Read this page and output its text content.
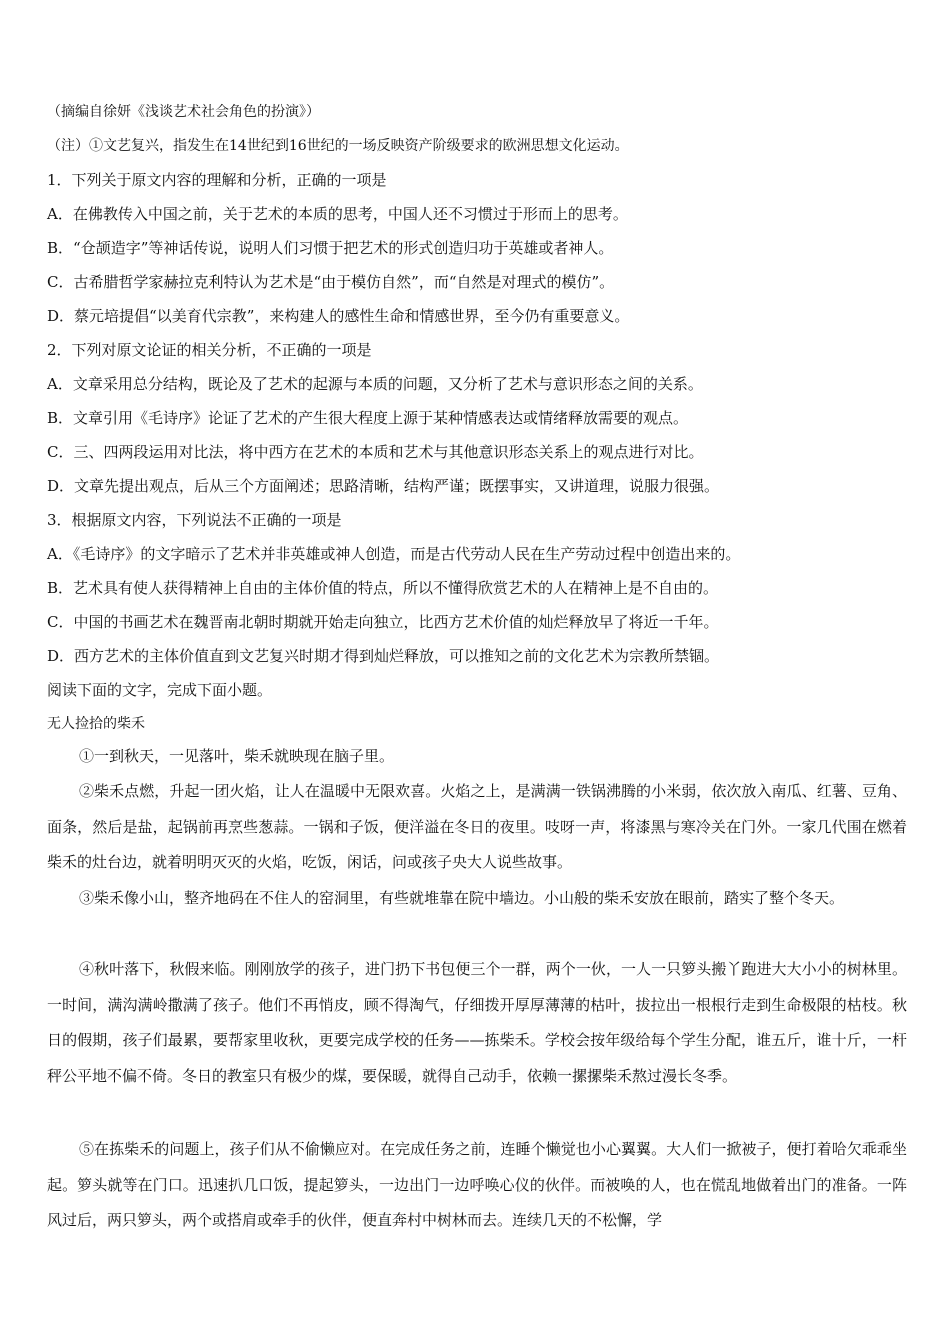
（摘编自徐妍《浅谈艺术社会角色的扮演》）
（注）①文艺复兴，指发生在14世纪到16世纪的一场反映资产阶级要求的欧洲思想文化运动。
1．下列关于原文内容的理解和分析，正确的一项是
A．在佛教传入中国之前，关于艺术的本质的思考，中国人还不习惯过于形而上的思考。
B．“仓颉造字”等神话传说，说明人们习惯于把艺术的形式创造归功于英雄或者神人。
C．古希腊哲学家赫拉克利特认为艺术是“由于模仿自然”，而“自然是对理式的模仿”。
D．蔡元培提倡“以美育代宗教”，来构建人的感性生命和情感世界，至今仍有重要意义。
2．下列对原文论证的相关分析，不正确的一项是
A．文章采用总分结构，既论及了艺术的起源与本质的问题，又分析了艺术与意识形态之间的关系。
B．文章引用《毛诗序》论证了艺术的产生很大程度上源于某种情感表达或情绪释放需要的观点。
C．三、四两段运用对比法，将中西方在艺术的本质和艺术与其他意识形态关系上的观点进行对比。
D．文章先提出观点，后从三个方面阐述；思路清晰，结构严谨；既摆事实，又讲道理，说服力很强。
3．根据原文内容，下列说法不正确的一项是
A．《毛诗序》的文字暗示了艺术并非英雄或神人创造，而是古代劳动人民在生产劳动过程中创造出来的。
B．艺术具有使人获得精神上自由的主体价值的特点，所以不懂得欣赏艺术的人在精神上是不自由的。
C．中国的书画艺术在魏晋南北朝时期就开始走向独立，比西方艺术价值的灿烂释放早了将近一千年。
D．西方艺术的主体价值直到文艺复兴时期才得到灿烂释放，可以推知之前的文化艺术为宗教所禁锢。
阅读下面的文字，完成下面小题。
无人捡拾的柴禾

①一到秋天，一见落叶，柴禾就映现在脑子里。

②柴禾点燃，升起一团火焰，让人在温暖中无限欢喜。火焰之上，是满满一铁锅沸腾的小米弱，依次放入南瓜、红薯、豆角、面条，然后是盐，起锅前再烹些葱蒜。一锅和子饭，便洋溢在冬日的夜里。吱呀一声，将漆黑与寒冷关在门外。一家几代围在燃着柴禾的灶台边，就着明明灭灭的火焰，吃饭，闲话，问或孩子央大人说些故事。

③柴禾像小山，整齐地码在不住人的窑洞里，有些就堆靠在院中墙边。小山般的柴禾安放在眼前，踏实了整个冬天。

④秋叶落下，秋假来临。刚刚放学的孩子，进门扔下书包便三个一群，两个一伙，一人一只箩头搬丫跑进大大小小的树林里。一时间，满沟满岭撒满了孩子。他们不再悄皮，顾不得淘气，仔细拨开厚厚薄薄的枯叶，拔拉出一根根行走到生命极限的枯枝。秋日的假期，孩子们最累，要帮家里收秋，更要完成学校的任务——拣柴禾。学校会按年级给每个学生分配，谁五斤，谁十斤，一杆秤公平地不偏不倚。冬日的教室只有极少的煤，要保暖，就得自己动手，依赖一摞摞柴禾熬过漫长冬季。

⑤在拣柴禾的问题上，孩子们从不偷懒应对。在完成任务之前，连睡个懒觉也小心翼翼。大人们一掀被子，便打着哈欠乖乖坐起。箩头就等在门口。迅速扒几口饭，提起箩头，一边出门一边呼唤心仪的伙伴。而被唤的人，也在慌乱地做着出门的准备。一阵风过后，两只箩头，两个或搭肩或牵手的伙伴，便直奔村中树林而去。连续几天的不松懈，学
